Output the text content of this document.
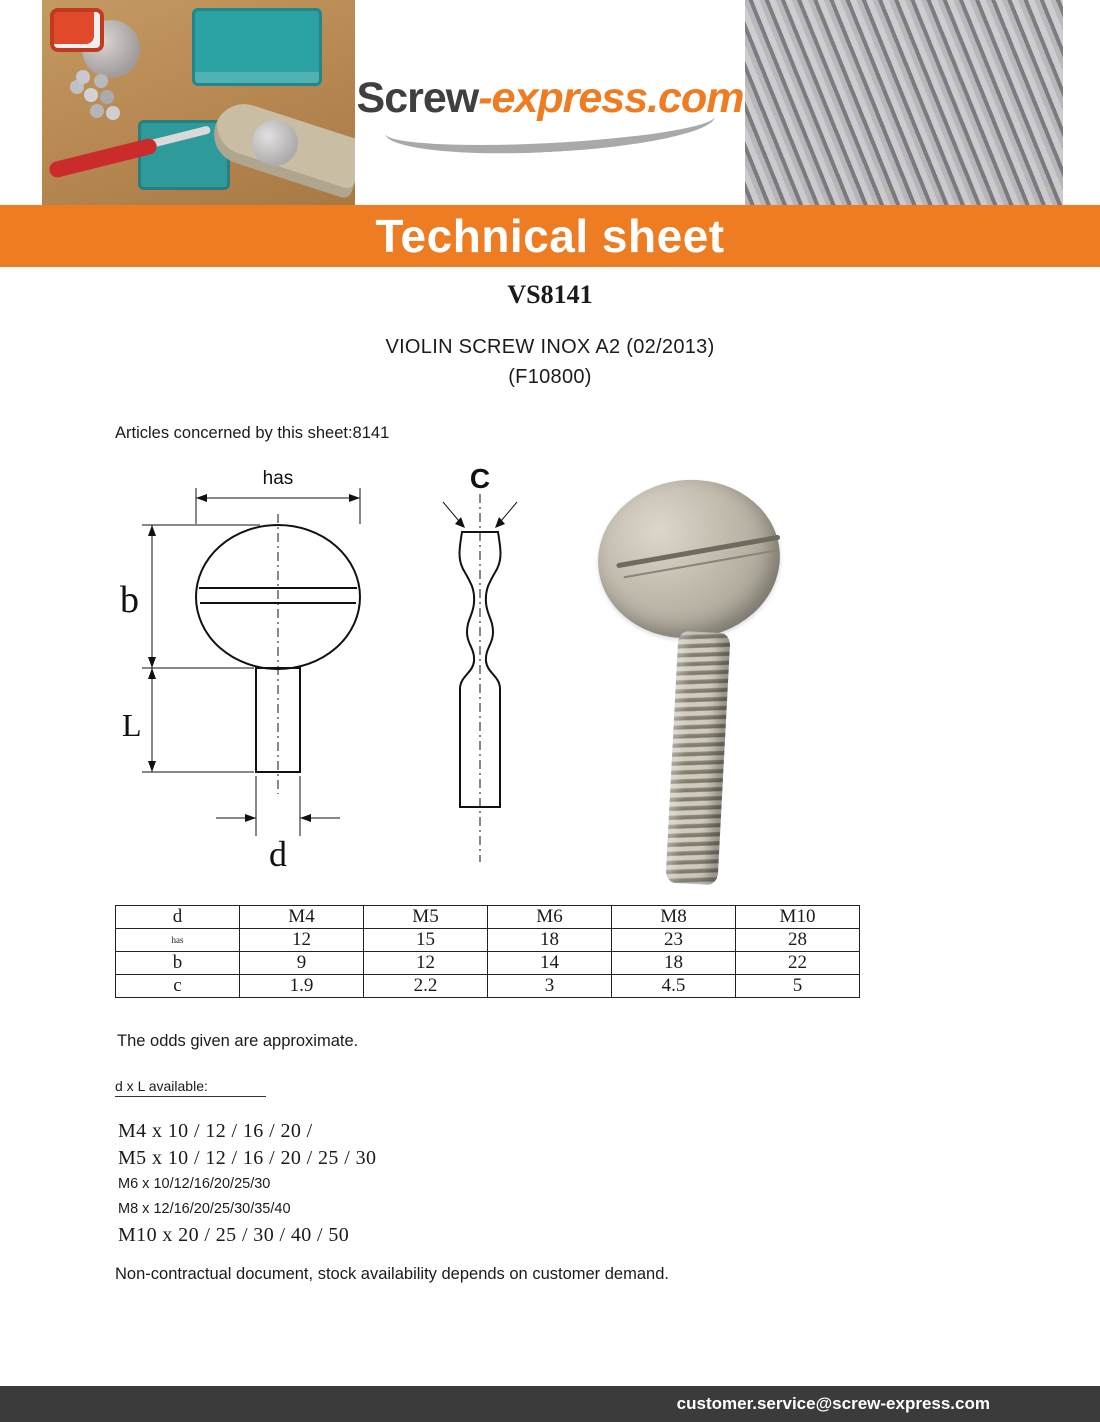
Screw-express.com
Technical sheet
VS8141
VIOLIN SCREW INOX A2 (02/2013)
(F10800)
Articles concerned by this sheet:8141
has
b
L
d
C
d	M4	M5	M6	M8	M10
has	12	15	18	23	28
b	9	12	14	18	22
c	1.9	2.2	3	4.5	5
The odds given are approximate.
d x L available:
M4 x 10 / 12 / 16 / 20 /
M5 x 10 / 12 / 16 / 20 / 25 / 30
M6 x 10/12/16/20/25/30
M8 x 12/16/20/25/30/35/40
M10 x 20 / 25 / 30 / 40 / 50
Non-contractual document, stock availability depends on customer demand.
customer.service@screw-express.com
